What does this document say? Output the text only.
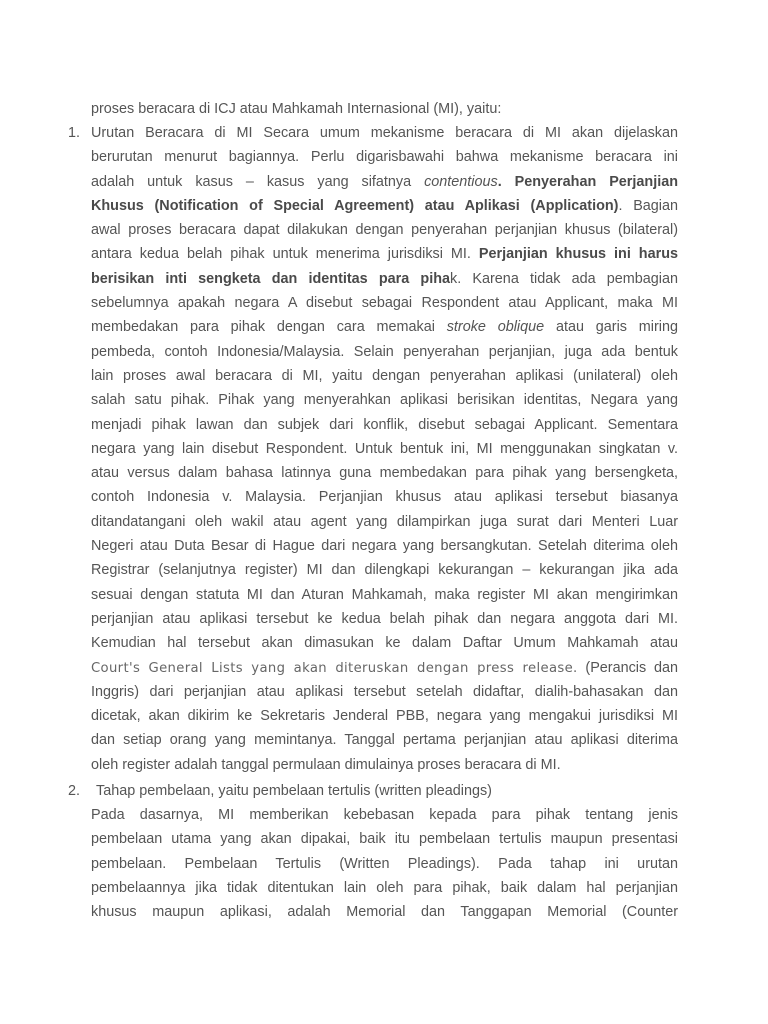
proses beracara di ICJ atau Mahkamah Internasional (MI), yaitu:
1. Urutan Beracara di MI Secara umum mekanisme beracara di MI akan dijelaskan
berurutan menurut bagiannya. Perlu digarisbawahi bahwa mekanisme beracara ini
adalah untuk kasus – kasus yang sifatnya contentious. Penyerahan Perjanjian
Khusus (Notification of Special Agreement) atau Aplikasi (Application). Bagian
awal proses beracara dapat dilakukan dengan penyerahan perjanjian khusus (bilateral)
antara kedua belah pihak untuk menerima jurisdiksi MI. Perjanjian khusus ini harus
berisikan inti sengketa dan identitas para pihak. Karena tidak ada pembagian
sebelumnya apakah negara A disebut sebagai Respondent atau Applicant, maka MI
membedakan para pihak dengan cara memakai stroke oblique atau garis miring
pembeda, contoh Indonesia/Malaysia. Selain penyerahan perjanjian, juga ada bentuk
lain proses awal beracara di MI, yaitu dengan penyerahan aplikasi (unilateral) oleh
salah satu pihak. Pihak yang menyerahkan aplikasi berisikan identitas, Negara yang
menjadi pihak lawan dan subjek dari konflik, disebut sebagai Applicant. Sementara
negara yang lain disebut Respondent. Untuk bentuk ini, MI menggunakan singkatan v.
atau versus dalam bahasa latinnya guna membedakan para pihak yang bersengketa,
contoh Indonesia v. Malaysia. Perjanjian khusus atau aplikasi tersebut biasanya
ditandatangani oleh wakil atau agent yang dilampirkan juga surat dari Menteri Luar
Negeri atau Duta Besar di Hague dari negara yang bersangkutan. Setelah diterima oleh
Registrar (selanjutnya register) MI dan dilengkapi kekurangan – kekurangan jika ada
sesuai dengan statuta MI dan Aturan Mahkamah, maka register MI akan mengirimkan
perjanjian atau aplikasi tersebut ke kedua belah pihak dan negara anggota dari MI.
Kemudian hal tersebut akan dimasukan ke dalam Daftar Umum Mahkamah atau
Court's General Lists yang akan diteruskan dengan press release. (Perancis dan
Inggris) dari perjanjian atau aplikasi tersebut setelah didaftar, dialih-bahasakan dan
dicetak, akan dikirim ke Sekretaris Jenderal PBB, negara yang mengakui jurisdiksi MI
dan setiap orang yang memintanya. Tanggal pertama perjanjian atau aplikasi diterima
oleh register adalah tanggal permulaan dimulainya proses beracara di MI.
2. Tahap pembelaan, yaitu pembelaan tertulis (written pleadings)
Pada dasarnya, MI memberikan kebebasan kepada para pihak tentang jenis
pembelaan utama yang akan dipakai, baik itu pembelaan tertulis maupun presentasi
pembelaan. Pembelaan Tertulis (Written Pleadings). Pada tahap ini urutan
pembelaannya jika tidak ditentukan lain oleh para pihak, baik dalam hal perjanjian
khusus maupun aplikasi, adalah Memorial dan Tanggapan Memorial (Counter
